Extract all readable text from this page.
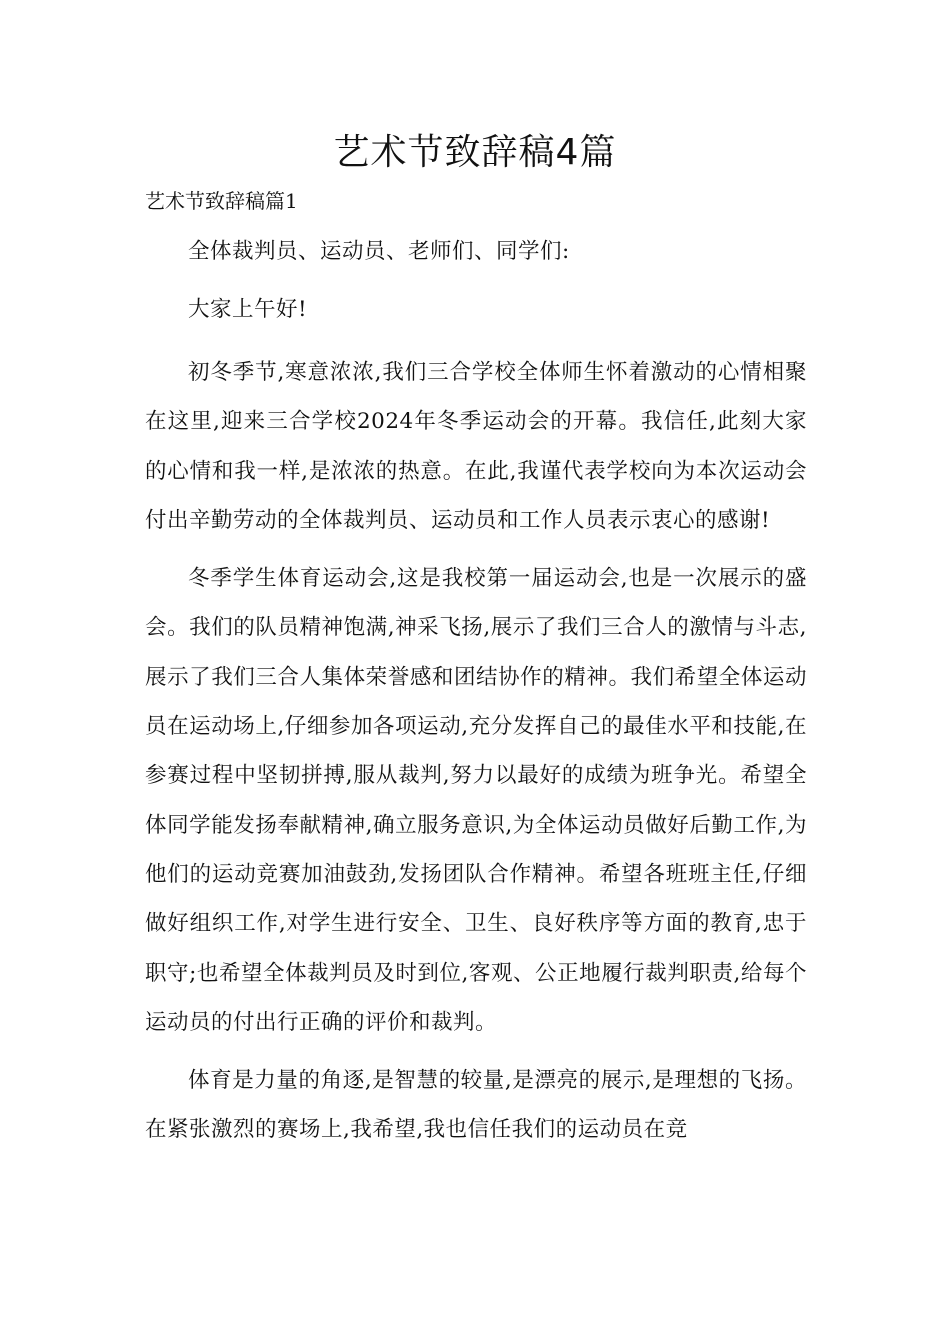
艺术节致辞稿4篇
艺术节致辞稿篇1

全体裁判员、运动员、老师们、同学们:

大家上午好!

初冬季节,寒意浓浓,我们三合学校全体师生怀着激动的心情相聚在这里,迎来三合学校2024年冬季运动会的开幕。我信任,此刻大家的心情和我一样,是浓浓的热意。在此,我谨代表学校向为本次运动会付出辛勤劳动的全体裁判员、运动员和工作人员表示衷心的感谢!

冬季学生体育运动会,这是我校第一届运动会,也是一次展示的盛会。我们的队员精神饱满,神采飞扬,展示了我们三合人的激情与斗志,展示了我们三合人集体荣誉感和团结协作的精神。我们希望全体运动员在运动场上,仔细参加各项运动,充分发挥自己的最佳水平和技能,在参赛过程中坚韧拼搏,服从裁判,努力以最好的成绩为班争光。希望全体同学能发扬奉献精神,确立服务意识,为全体运动员做好后勤工作,为他们的运动竞赛加油鼓劲,发扬团队合作精神。希望各班班主任,仔细做好组织工作,对学生进行安全、卫生、良好秩序等方面的教育,忠于职守;也希望全体裁判员及时到位,客观、公正地履行裁判职责,给每个运动员的付出行正确的评价和裁判。

体育是力量的角逐,是智慧的较量,是漂亮的展示,是理想的飞扬。在紧张激烈的赛场上,我希望,我也信任我们的运动员在竞
